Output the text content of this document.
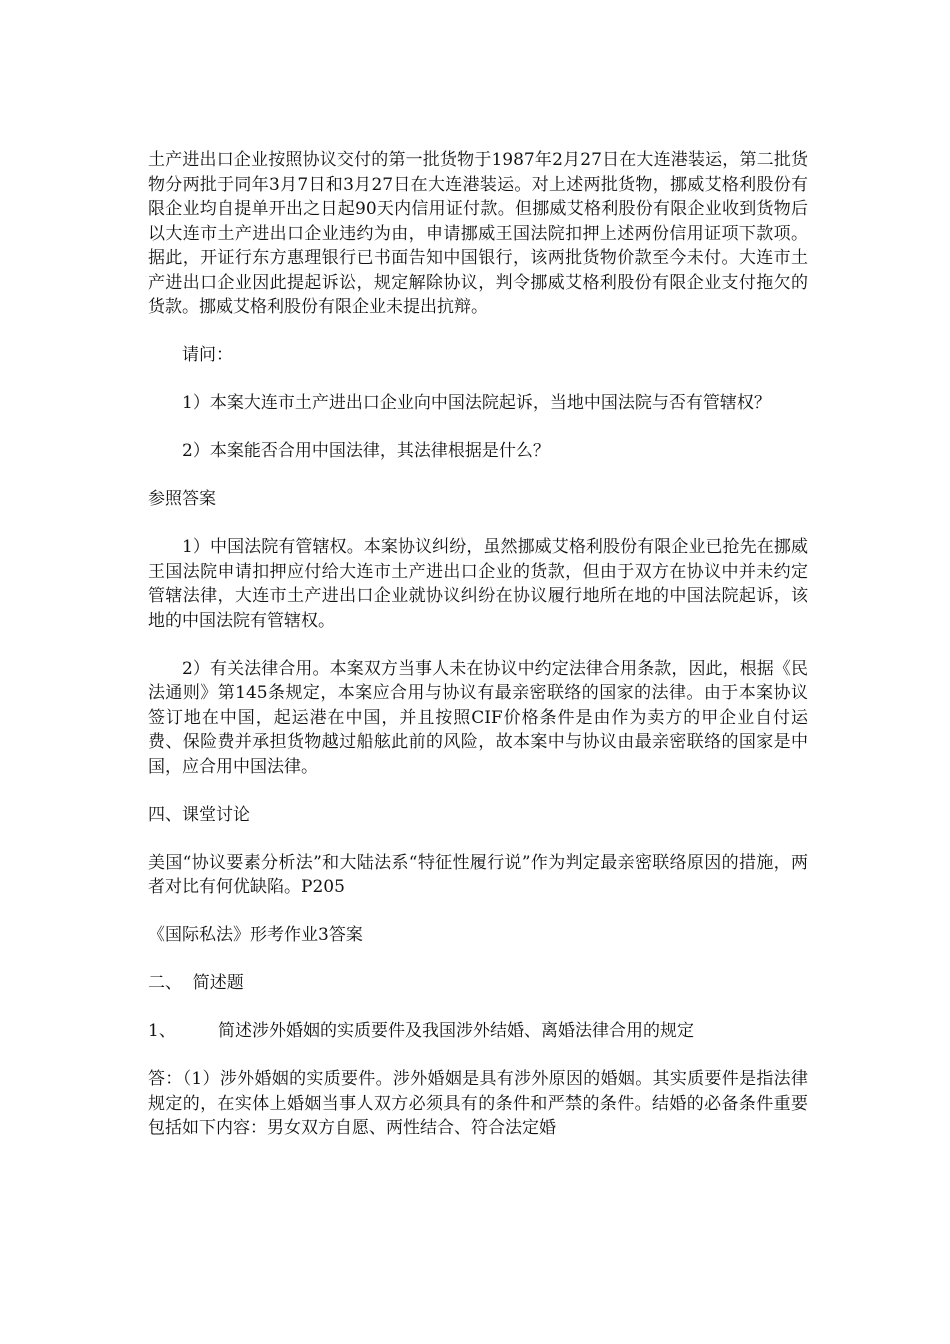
土产进出口企业按照协议交付的第一批货物于1987年2月27日在大连港装运，第二批货物分两批于同年3月7日和3月27日在大连港装运。对上述两批货物，挪威艾格利股份有限企业均自提单开出之日起90天内信用证付款。但挪威艾格利股份有限企业收到货物后以大连市土产进出口企业违约为由，申请挪威王国法院扣押上述两份信用证项下款项。据此，开证行东方惠理银行已书面告知中国银行，该两批货物价款至今未付。大连市土产进出口企业因此提起诉讼，规定解除协议，判令挪威艾格利股份有限企业支付拖欠的货款。挪威艾格利股份有限企业未提出抗辩。

请问：

1）本案大连市土产进出口企业向中国法院起诉，当地中国法院与否有管辖权？

2）本案能否合用中国法律，其法律根据是什么？

参照答案

1）中国法院有管辖权。本案协议纠纷，虽然挪威艾格利股份有限企业已抢先在挪威王国法院申请扣押应付给大连市土产进出口企业的货款，但由于双方在协议中并未约定管辖法律，大连市土产进出口企业就协议纠纷在协议履行地所在地的中国法院起诉，该地的中国法院有管辖权。

2）有关法律合用。本案双方当事人未在协议中约定法律合用条款，因此，根据《民法通则》第145条规定，本案应合用与协议有最亲密联络的国家的法律。由于本案协议签订地在中国，起运港在中国，并且按照CIF价格条件是由作为卖方的甲企业自付运费、保险费并承担货物越过船舷此前的风险，故本案中与协议由最亲密联络的国家是中国，应合用中国法律。

四、课堂讨论

美国“协议要素分析法”和大陆法系“特征性履行说”作为判定最亲密联络原因的措施，两者对比有何优缺陷。P205

《国际私法》形考作业3答案

二、  简述题

1、 简述涉外婚姻的实质要件及我国涉外结婚、离婚法律合用的规定

答：（1）涉外婚姻的实质要件。涉外婚姻是具有涉外原因的婚姻。其实质要件是指法律规定的，在实体上婚姻当事人双方必须具有的条件和严禁的条件。结婚的必备条件重要包括如下内容：男女双方自愿、两性结合、符合法定婚
